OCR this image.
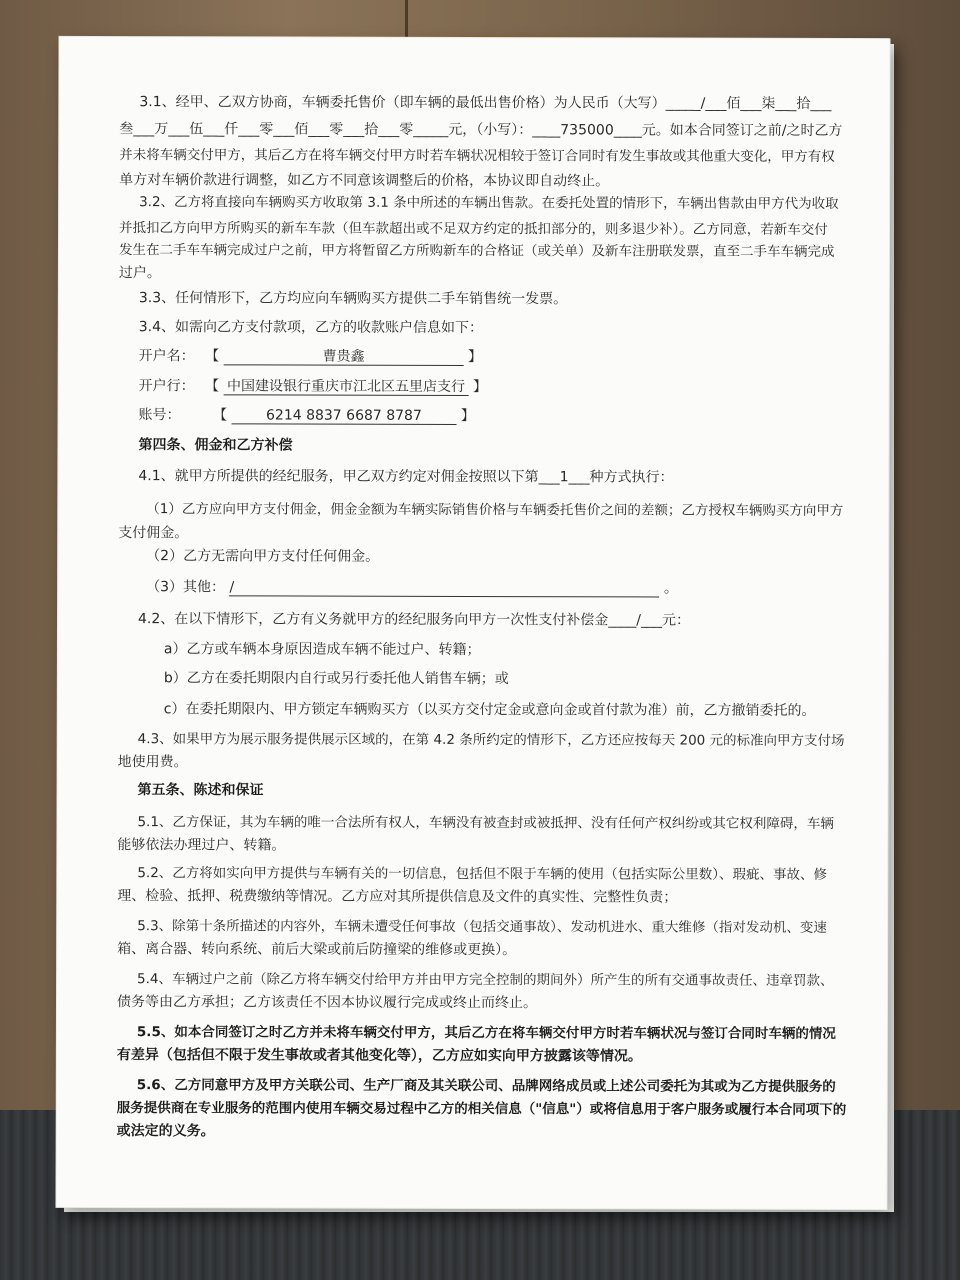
3.1、经甲、乙双方协商，车辆委托售价（即车辆的最低出售价格）为人民币（大写）_____/___佰___柒___拾___
叁___万___伍___仟___零___佰___零___拾___零_____元，（小写）：____735000____元。如本合同签订之前/之时乙方
并未将车辆交付甲方，其后乙方在将车辆交付甲方时若车辆状况相较于签订合同时有发生事故或其他重大变化，甲方有权
单方对车辆价款进行调整，如乙方不同意该调整后的价格，本协议即自动终止。
3.2、乙方将直接向车辆购买方收取第 3.1 条中所述的车辆出售款。在委托处置的情形下，车辆出售款由甲方代为收取
并抵扣乙方向甲方所购买的新车车款（但车款超出或不足双方约定的抵扣部分的，则多退少补）。乙方同意，若新车交付
发生在二手车车辆完成过户之前，甲方将暂留乙方所购新车的合格证（或关单）及新车注册联发票，直至二手车车辆完成
过户。
3.3、任何情形下，乙方均应向车辆购买方提供二手车销售统一发票。
3.4、如需向乙方支付款项，乙方的收款账户信息如下：
开户名： 【	曹贵鑫	】
开户行： 【 中国建设银行重庆市江北区五里店支行 】
账号： 【	6214 8837 6687 8787	】
第四条、佣金和乙方补偿
4.1、就甲方所提供的经纪服务，甲乙双方约定对佣金按照以下第___1___种方式执行：
（1）乙方应向甲方支付佣金，佣金金额为车辆实际销售价格与车辆委托售价之间的差额；乙方授权车辆购买方向甲方
支付佣金。
（2）乙方无需向甲方支付任何佣金。
（3）其他： /	。
4.2、在以下情形下，乙方有义务就甲方的经纪服务向甲方一次性支付补偿金____/___元：
a）乙方或车辆本身原因造成车辆不能过户、转籍；
b）乙方在委托期限内自行或另行委托他人销售车辆；或
c）在委托期限内、甲方锁定车辆购买方（以买方交付定金或意向金或首付款为准）前，乙方撤销委托的。
4.3、如果甲方为展示服务提供展示区域的，在第 4.2 条所约定的情形下，乙方还应按每天 200 元的标准向甲方支付场
地使用费。
第五条、陈述和保证
5.1、乙方保证，其为车辆的唯一合法所有权人，车辆没有被查封或被抵押、没有任何产权纠纷或其它权利障碍，车辆
能够依法办理过户、转籍。
5.2、乙方将如实向甲方提供与车辆有关的一切信息，包括但不限于车辆的使用（包括实际公里数）、瑕疵、事故、修
理、检验、抵押、税费缴纳等情况。乙方应对其所提供信息及文件的真实性、完整性负责；
5.3、除第十条所描述的内容外，车辆未遭受任何事故（包括交通事故）、发动机进水、重大维修（指对发动机、变速
箱、离合器、转向系统、前后大梁或前后防撞梁的维修或更换）。
5.4、车辆过户之前（除乙方将车辆交付给甲方并由甲方完全控制的期间外）所产生的所有交通事故责任、违章罚款、
债务等由乙方承担；乙方该责任不因本协议履行完成或终止而终止。
5.5、如本合同签订之时乙方并未将车辆交付甲方，其后乙方在将车辆交付甲方时若车辆状况与签订合同时车辆的情况
有差异（包括但不限于发生事故或者其他变化等），乙方应如实向甲方披露该等情况。
5.6、乙方同意甲方及甲方关联公司、生产厂商及其关联公司、品牌网络成员或上述公司委托为其或为乙方提供服务的
服务提供商在专业服务的范围内使用车辆交易过程中乙方的相关信息（"信息"）或将信息用于客户服务或履行本合同项下的
或法定的义务。
